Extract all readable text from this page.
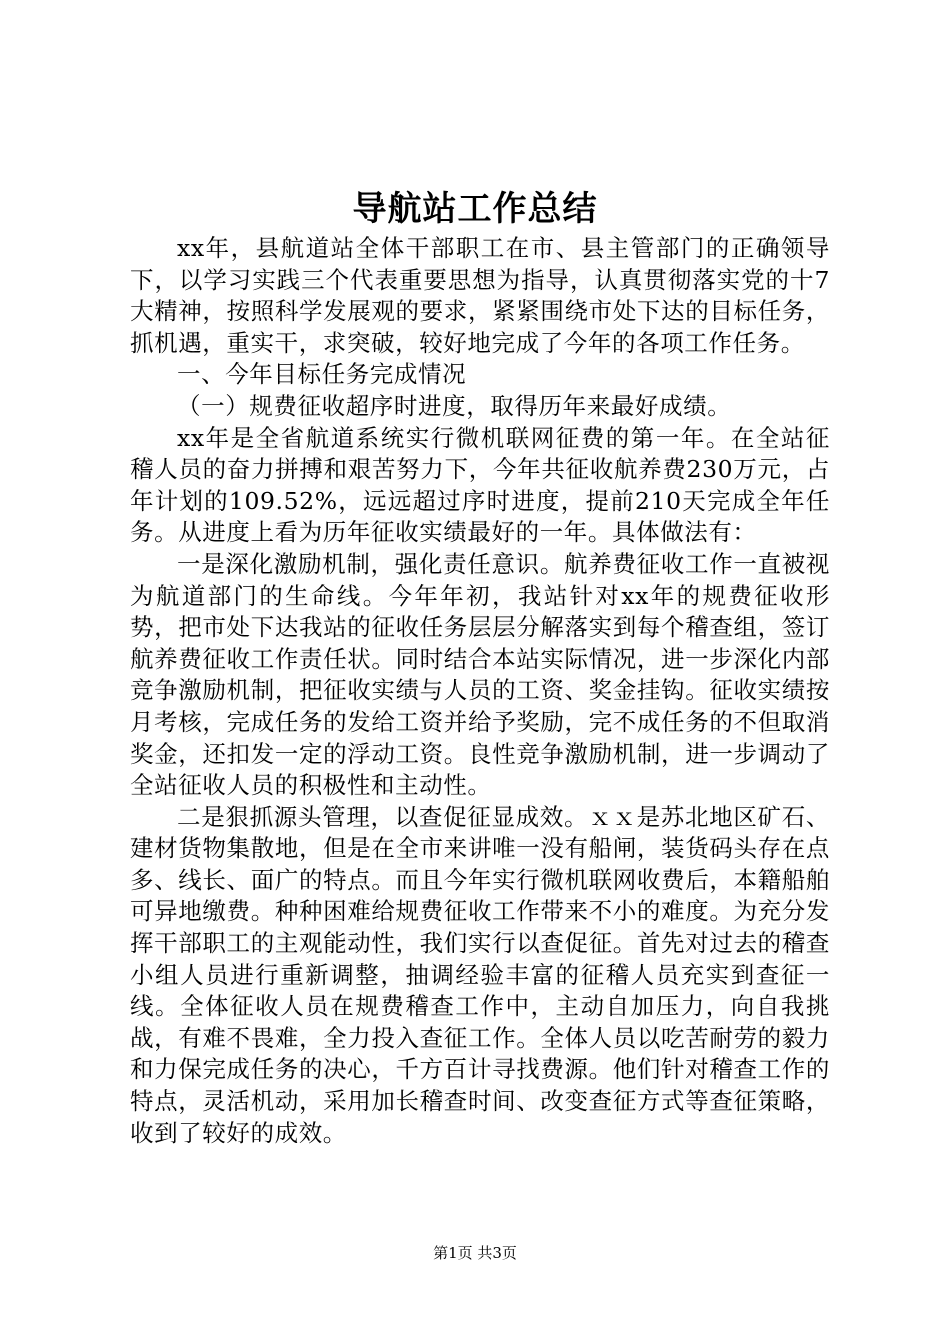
导航站工作总结

xx年，县航道站全体干部职工在市、县主管部门的正确领导下，以学习实践三个代表重要思想为指导，认真贯彻落实党的十7大精神，按照科学发展观的要求，紧紧围绕市处下达的目标任务，抓机遇，重实干，求突破，较好地完成了今年的各项工作任务。

一、今年目标任务完成情况

（一）规费征收超序时进度，取得历年来最好成绩。

xx年是全省航道系统实行微机联网征费的第一年。在全站征稽人员的奋力拼搏和艰苦努力下，今年共征收航养费230万元，占年计划的109.52%，远远超过序时进度，提前210天完成全年任务。从进度上看为历年征收实绩最好的一年。具体做法有：

一是深化激励机制，强化责任意识。航养费征收工作一直被视为航道部门的生命线。今年年初，我站针对xx年的规费征收形势，把市处下达我站的征收任务层层分解落实到每个稽查组，签订航养费征收工作责任状。同时结合本站实际情况，进一步深化内部竞争激励机制，把征收实绩与人员的工资、奖金挂钩。征收实绩按月考核，完成任务的发给工资并给予奖励，完不成任务的不但取消奖金，还扣发一定的浮动工资。良性竞争激励机制，进一步调动了全站征收人员的积极性和主动性。

二是狠抓源头管理，以查促征显成效。ｘｘ是苏北地区矿石、建材货物集散地，但是在全市来讲唯一没有船闸，装货码头存在点多、线长、面广的特点。而且今年实行微机联网收费后，本籍船舶可异地缴费。种种困难给规费征收工作带来不小的难度。为充分发挥干部职工的主观能动性，我们实行以查促征。首先对过去的稽查小组人员进行重新调整，抽调经验丰富的征稽人员充实到查征一线。全体征收人员在规费稽查工作中，主动自加压力，向自我挑战，有难不畏难，全力投入查征工作。全体人员以吃苦耐劳的毅力和力保完成任务的决心，千方百计寻找费源。他们针对稽查工作的特点，灵活机动，采用加长稽查时间、改变查征方式等查征策略，收到了较好的成效。

第1页 共3页
